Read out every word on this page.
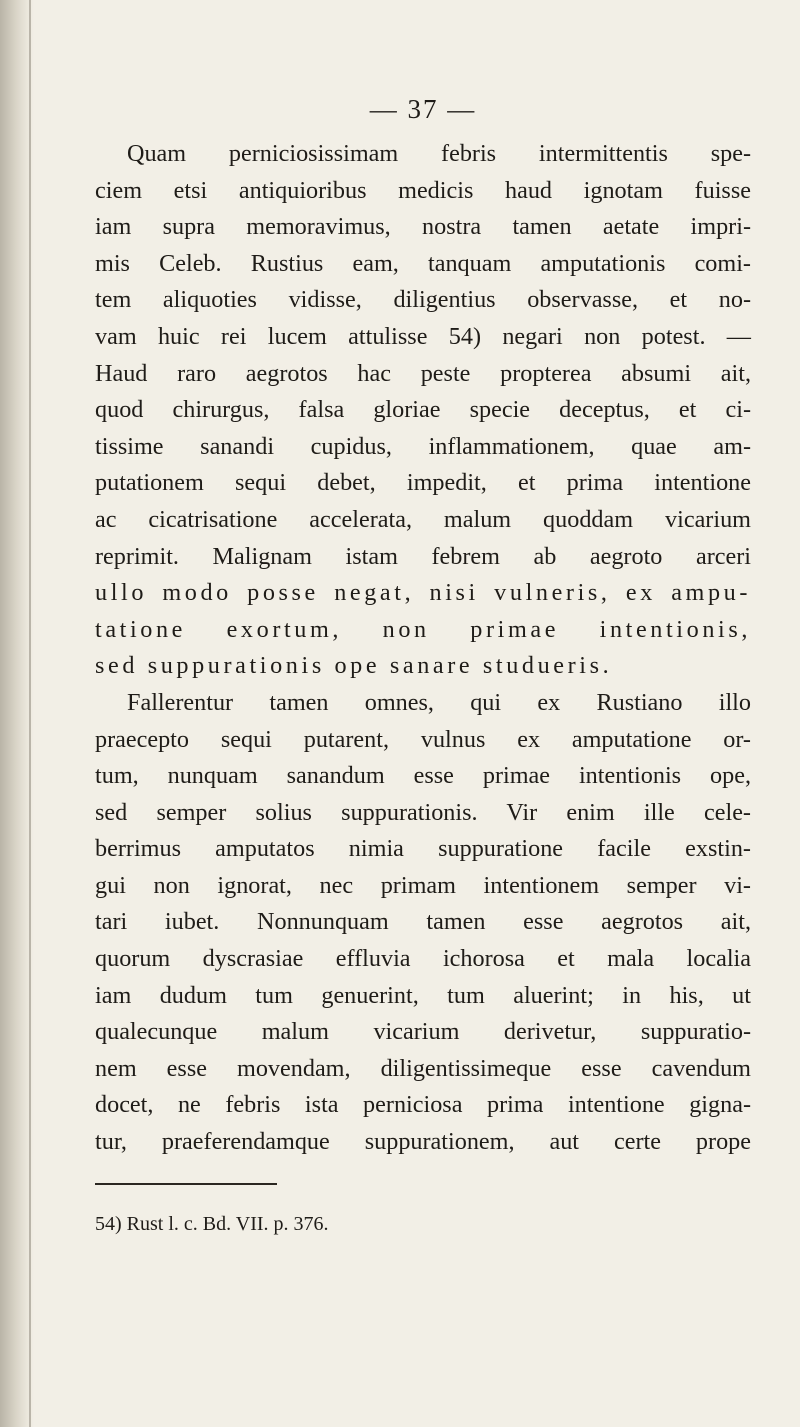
— 37 —
Quam perniciosissimam febris intermittentis spe-
ciem etsi antiquioribus medicis haud ignotam fuisse
iam supra memoravimus, nostra tamen aetate impri-
mis Celeb. Rustius eam, tanquam amputationis comi-
tem aliquoties vidisse, diligentius observasse, et no-
vam huic rei lucem attulisse 54) negari non potest. —
Haud raro aegrotos hac peste propterea absumi ait,
quod chirurgus, falsa gloriae specie deceptus, et ci-
tissime sanandi cupidus, inflammationem, quae am-
putationem sequi debet, impedit, et prima intentione
ac cicatrisatione accelerata, malum quoddam vicarium
reprimit. Malignam istam febrem ab aegroto arceri
ullo modo posse negat, nisi vulneris, ex ampu-
tatione exortum, non primae intentionis,
sed suppurationis ope sanare studueris.
Fallerentur tamen omnes, qui ex Rustiano illo
praecepto sequi putarent, vulnus ex amputatione or-
tum, nunquam sanandum esse primae intentionis ope,
sed semper solius suppurationis. Vir enim ille cele-
berrimus amputatos nimia suppuratione facile exstin-
gui non ignorat, nec primam intentionem semper vi-
tari iubet. Nonnunquam tamen esse aegrotos ait,
quorum dyscrasiae effluvia ichorosa et mala localia
iam dudum tum genuerint, tum aluerint; in his, ut
qualecunque malum vicarium derivetur, suppuratio-
nem esse movendam, diligentissimeque esse cavendum
docet, ne febris ista perniciosa prima intentione gigna-
tur, praeferendamque suppurationem, aut certe prope
54) Rust l. c. Bd. VII. p. 376.
